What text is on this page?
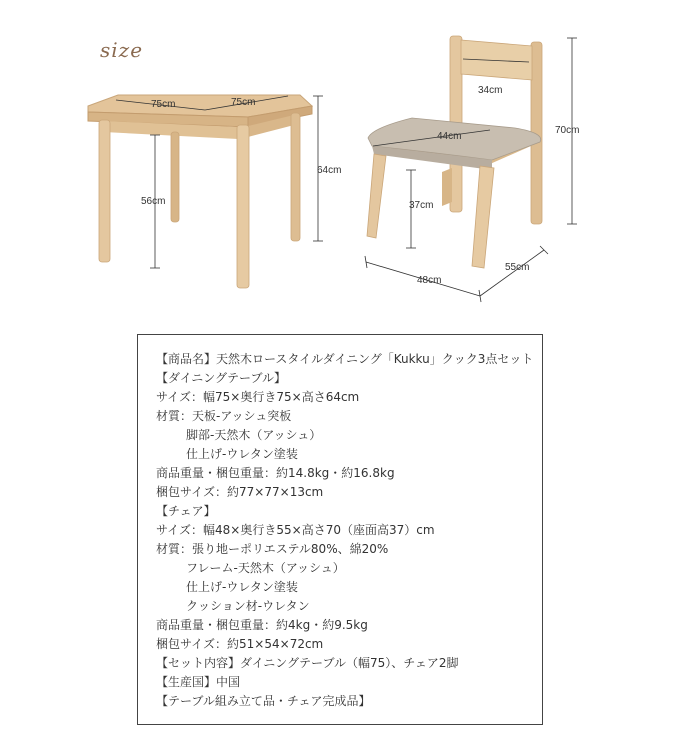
size
75cm	75cm
64cm
56cm
34cm
44cm
70cm
37cm
48cm
55cm
【商品名】天然木ロースタイルダイニング「Kukku」クック3点セット
【ダイニングテーブル】
サイズ：幅75×奥行き75×高さ64cm
材質：天板-アッシュ突板
脚部-天然木（アッシュ）
仕上げ-ウレタン塗装
商品重量・梱包重量：約14.8kg・約16.8kg
梱包サイズ：約77×77×13cm
【チェア】
サイズ：幅48×奥行き55×高さ70（座面高37）cm
材質：張り地ーポリエステル80%、綿20%
フレーム-天然木（アッシュ）
仕上げ-ウレタン塗装
クッション材-ウレタン
商品重量・梱包重量：約4kg・約9.5kg
梱包サイズ：約51×54×72cm
【セット内容】ダイニングテーブル（幅75）、チェア2脚
【生産国】中国
【テーブル組み立て品・チェア完成品】
